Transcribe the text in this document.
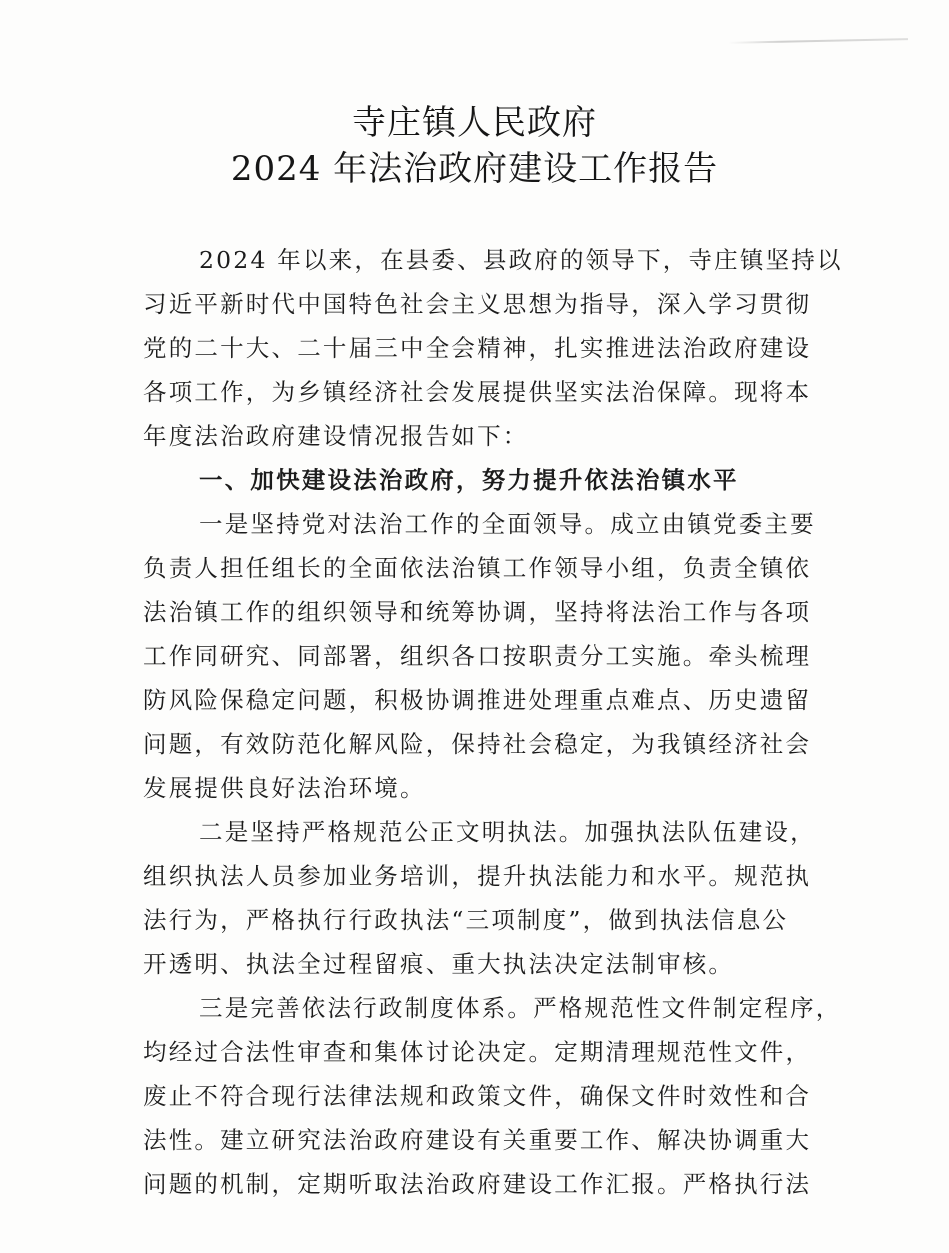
寺庄镇人民政府
2024 年法治政府建设工作报告
2024 年以来，在县委、县政府的领导下，寺庄镇坚持以
习近平新时代中国特色社会主义思想为指导，深入学习贯彻
党的二十大、二十届三中全会精神，扎实推进法治政府建设
各项工作，为乡镇经济社会发展提供坚实法治保障。现将本
年度法治政府建设情况报告如下：
一、加快建设法治政府，努力提升依法治镇水平
一是坚持党对法治工作的全面领导。成立由镇党委主要
负责人担任组长的全面依法治镇工作领导小组，负责全镇依
法治镇工作的组织领导和统筹协调，坚持将法治工作与各项
工作同研究、同部署，组织各口按职责分工实施。牵头梳理
防风险保稳定问题，积极协调推进处理重点难点、历史遗留
问题，有效防范化解风险，保持社会稳定，为我镇经济社会
发展提供良好法治环境。
二是坚持严格规范公正文明执法。加强执法队伍建设，
组织执法人员参加业务培训，提升执法能力和水平。规范执
法行为，严格执行行政执法“三项制度”，做到执法信息公
开透明、执法全过程留痕、重大执法决定法制审核。
三是完善依法行政制度体系。严格规范性文件制定程序，
均经过合法性审查和集体讨论决定。定期清理规范性文件，
废止不符合现行法律法规和政策文件，确保文件时效性和合
法性。建立研究法治政府建设有关重要工作、解决协调重大
问题的机制，定期听取法治政府建设工作汇报。严格执行法
